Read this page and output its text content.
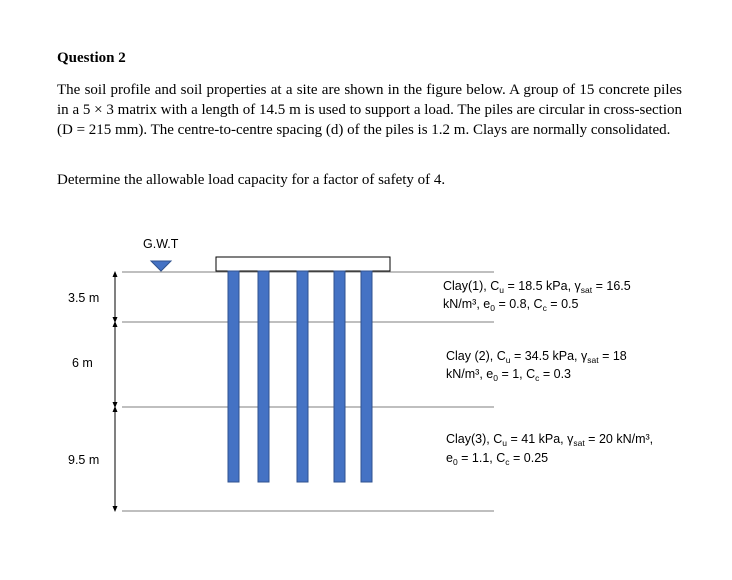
Question 2

The soil profile and soil properties at a site are shown in the figure below. A group of 15 concrete piles in a 5 × 3 matrix with a length of 14.5 m is used to support a load. The piles are circular in cross-section (D = 215 mm). The centre-to-centre spacing (d) of the piles is 1.2 m. Clays are normally consolidated.

Determine the allowable load capacity for a factor of safety of 4.

3.5 m
6 m
9.5 m
G.W.T
Clay(1), $C_u = 18.5$ kPa, $\gamma_{sat} = 16.5$
kN/m³, $e_0 = 0.8$, $C_c = 0.5$
Clay (2), $C_u = 34.5$ kPa, $\gamma_{sat} = 18$
kN/m³, $e_0 = 1$, $C_c = 0.3$
Clay(3), $C_u = 41$ kPa, $\gamma_{sat} = 20$ kN/m³,
$e_0 = 1.1$, $C_c = 0.25$
